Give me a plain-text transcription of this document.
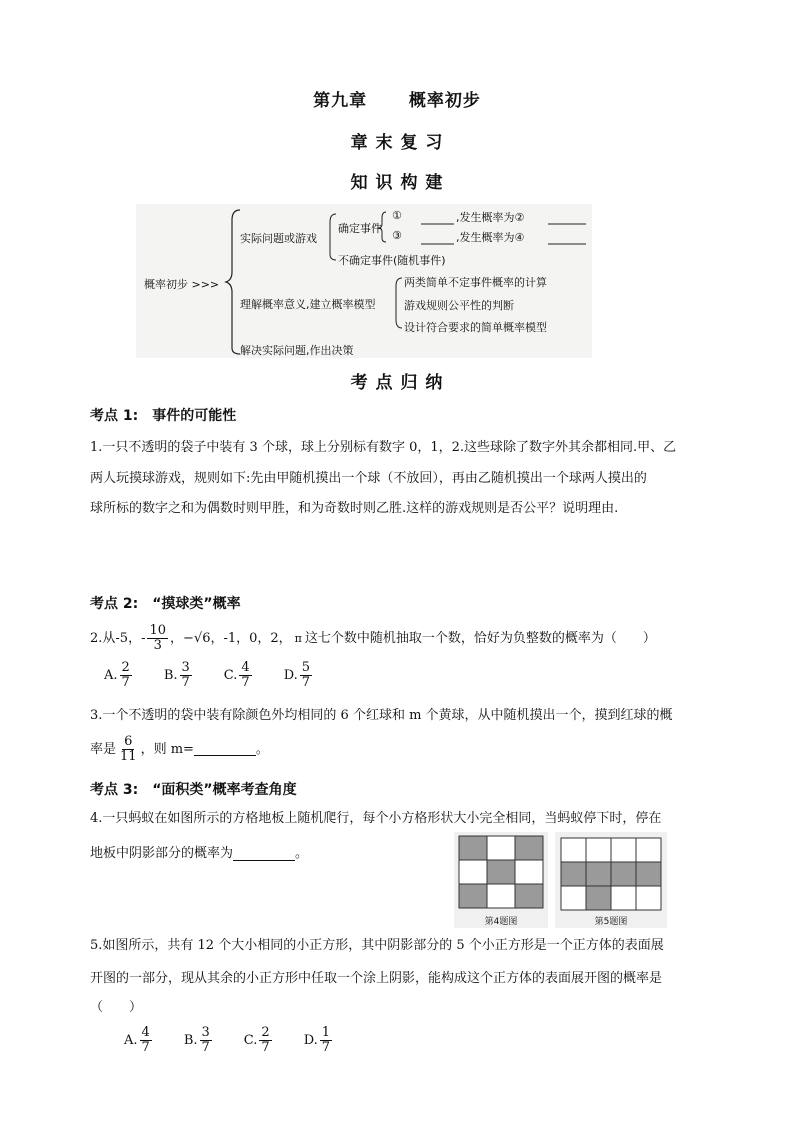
第九章 概率初步
章 末 复 习
知 识 构 建
概率初步 >>>
实际问题或游戏
确定事件
①	,发生概率为②
③	,发生概率为④
不确定事件(随机事件)
理解概率意义,建立概率模型
两类简单不定事件概率的计算
游戏规则公平性的判断
设计符合要求的简单概率模型
解决实际问题,作出决策
考 点 归 纳
考点 1:　事件的可能性
1.一只不透明的袋子中装有 3 个球，球上分别标有数字 0，1，2.这些球除了数字外其余都相同.甲、乙
两人玩摸球游戏，规则如下:先由甲随机摸出一个球（不放回），再由乙随机摸出一个球两人摸出的
球所标的数字之和为偶数时则甲胜，和为奇数时则乙胜.这样的游戏规则是否公平？说明理由.
考点 2:　“摸球类”概率
2.从-5，- $\frac{10}{3}$ ，−√6，-1，0，2， π 这七个数中随机抽取一个数，恰好为负整数的概率为（　　）
A. $\frac{2}{7} B$. $\frac{3}{7} C$. $\frac{4}{7} D$. $\frac{5}{7}$
3.一个不透明的袋中装有除颜色外均相同的 6 个红球和 m 个黄球，从中随机摸出一个，摸到红球的概
率是 $\frac{6}{11}$ ，则 m=	。
考点 3:　“面积类”概率考查角度
4.一只蚂蚁在如图所示的方格地板上随机爬行，每个小方格形状大小完全相同，当蚂蚁停下时，停在
地板中阴影部分的概率为	。
第4题图	第5题图
5.如图所示，共有 12 个大小相同的小正方形，其中阴影部分的 5 个小正方形是一个正方体的表面展
开图的一部分，现从其余的小正方形中任取一个涂上阴影，能构成这个正方体的表面展开图的概率是
（　　）
A. $\frac{4}{7} B$. $\frac{3}{7} C$. $\frac{2}{7} D$. $\frac{1}{7}$
